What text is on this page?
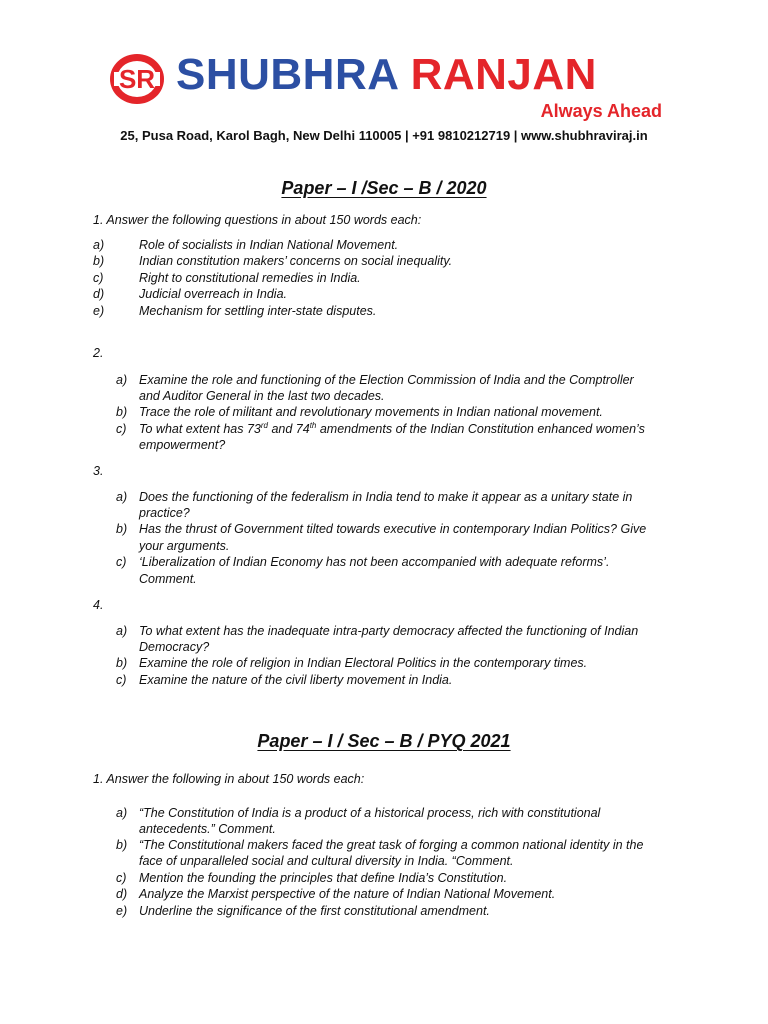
SR SHUBHRA RANJAN
Always Ahead
25, Pusa Road, Karol Bagh, New Delhi 110005 | +91 9810212719 | www.shubhraviraj.in
Paper – I /Sec – B / 2020
1. Answer the following questions in about 150 words each:
a)	Role of socialists in Indian National Movement.
b)	Indian constitution makers’ concerns on social inequality.
c)	Right to constitutional remedies in India.
d)	Judicial overreach in India.
e)	Mechanism for settling inter-state disputes.
2.
a) Examine the role and functioning of the Election Commission of India and the Comptroller
and Auditor General in the last two decades.
b) Trace the role of militant and revolutionary movements in Indian national movement.
c) To what extent has 73rd and 74th amendments of the Indian Constitution enhanced women’s
empowerment?
3.
a) Does the functioning of the federalism in India tend to make it appear as a unitary state in
practice?
b) Has the thrust of Government tilted towards executive in contemporary Indian Politics? Give
your arguments.
c) ‘Liberalization of Indian Economy has not been accompanied with adequate reforms’.
Comment.
4.
a) To what extent has the inadequate intra-party democracy affected the functioning of Indian
Democracy?
b) Examine the role of religion in Indian Electoral Politics in the contemporary times.
c) Examine the nature of the civil liberty movement in India.
Paper – I / Sec – B / PYQ 2021
1. Answer the following in about 150 words each:
a) “The Constitution of India is a product of a historical process, rich with constitutional
antecedents.” Comment.
b) “The Constitutional makers faced the great task of forging a common national identity in the
face of unparalleled social and cultural diversity in India. “Comment.
c) Mention the founding the principles that define India’s Constitution.
d) Analyze the Marxist perspective of the nature of Indian National Movement.
e) Underline the significance of the first constitutional amendment.
